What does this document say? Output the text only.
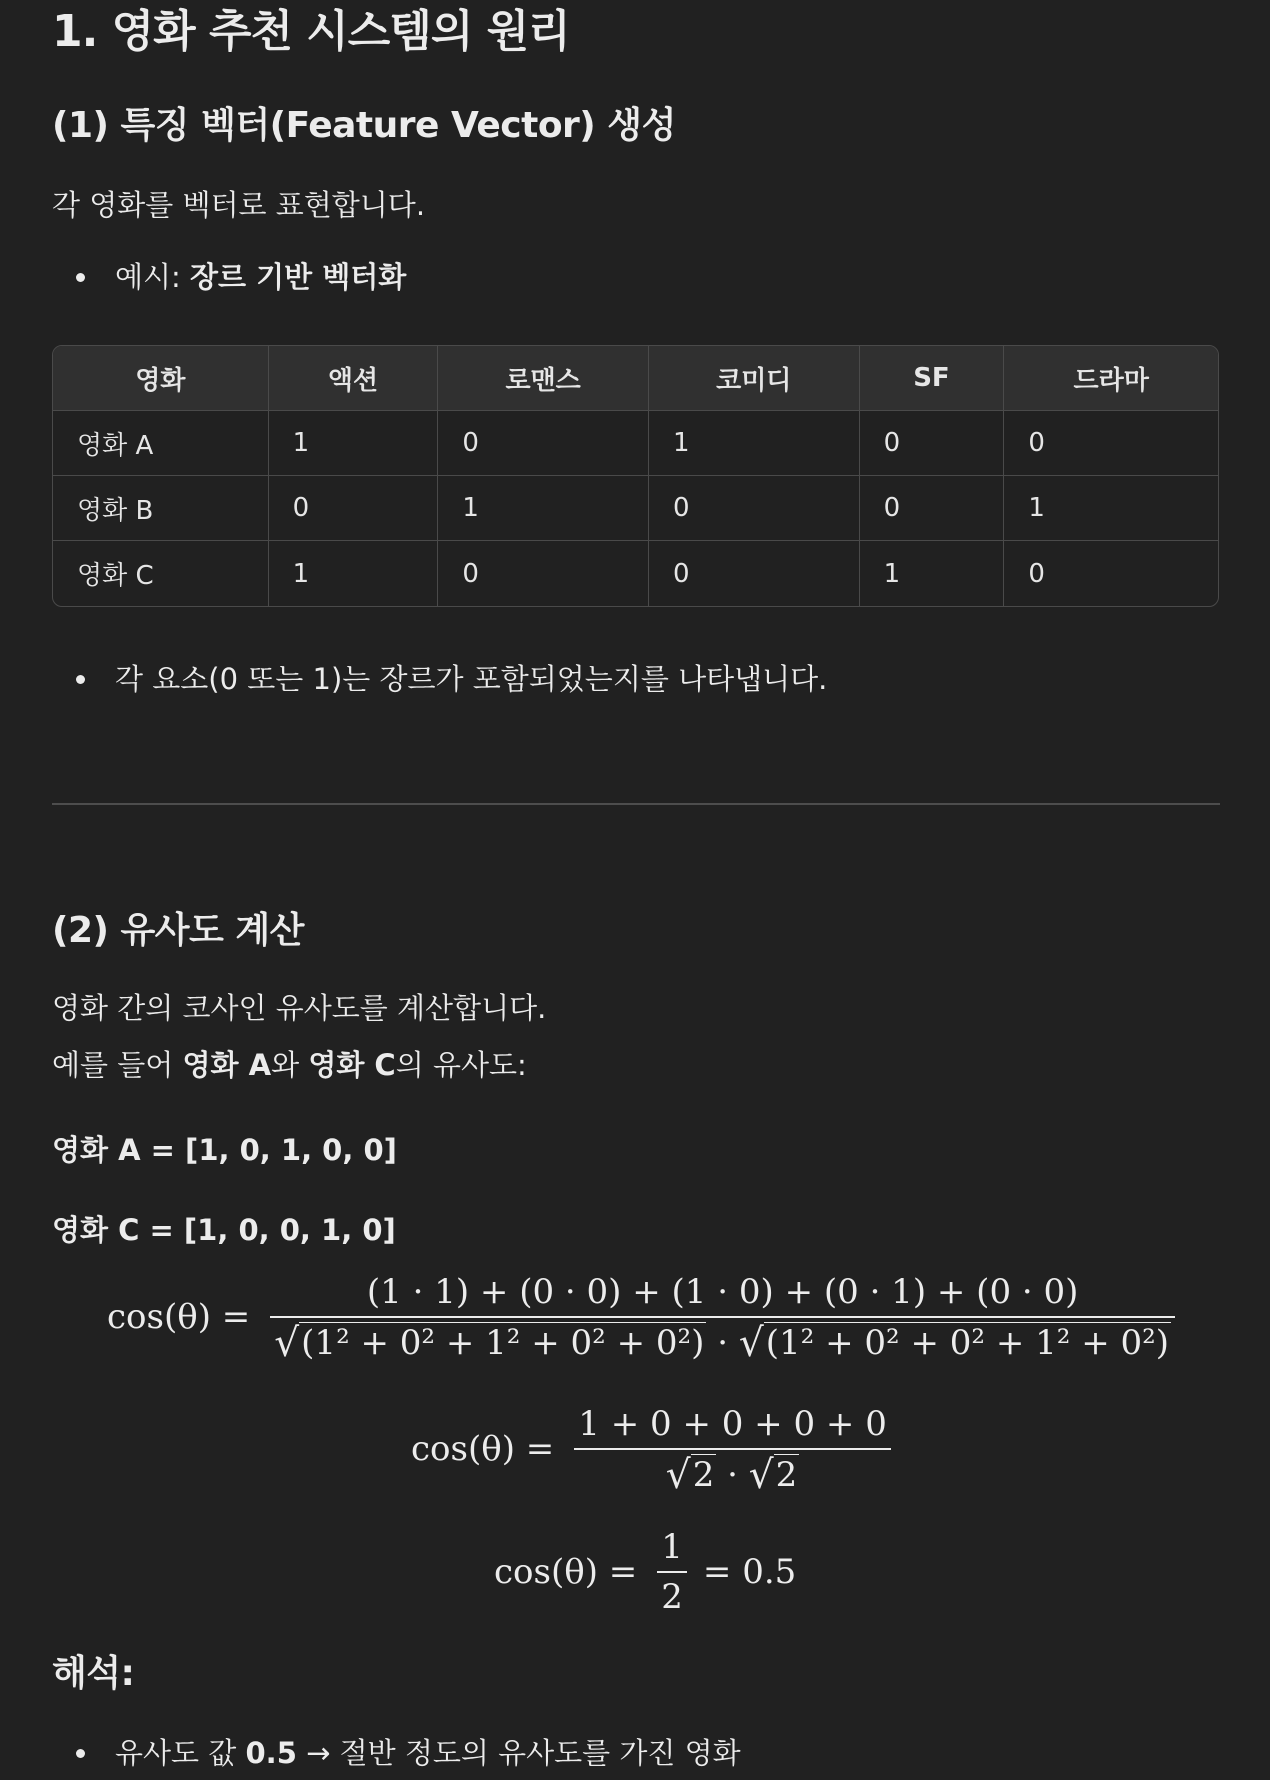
1. 영화 추천 시스템의 원리
(1) 특징 벡터(Feature Vector) 생성
각 영화를 벡터로 표현합니다.
예시: 장르 기반 벡터화
영화	액션	로맨스	코미디	SF	드라마
영화 A	1	0	1	0	0
영화 B	0	1	0	0	1
영화 C	1	0	0	1	0
각 요소(0 또는 1)는 장르가 포함되었는지를 나타냅니다.
(2) 유사도 계산
영화 간의 코사인 유사도를 계산합니다.
예를 들어 영화 A와 영화 C의 유사도:
영화 A = [1, 0, 1, 0, 0]
영화 C = [1, 0, 0, 1, 0]
cos(θ) =
(1 · 1) + (0 · 0) + (1 · 0) + (0 · 1) + (0 · 0)
√ (1² + 0² + 1² + 0² + 0²) · √ (1² + 0² + 0² + 1² + 0²)
$\cos(\theta) = \frac{1 + 0 + 0 + 0 + 0}{√ 2 \cdot √ 2}$
$\cos(\theta) = \frac{1}{2} = 0.5$
해석:
유사도 값 0.5 → 절반 정도의 유사도를 가진 영화
